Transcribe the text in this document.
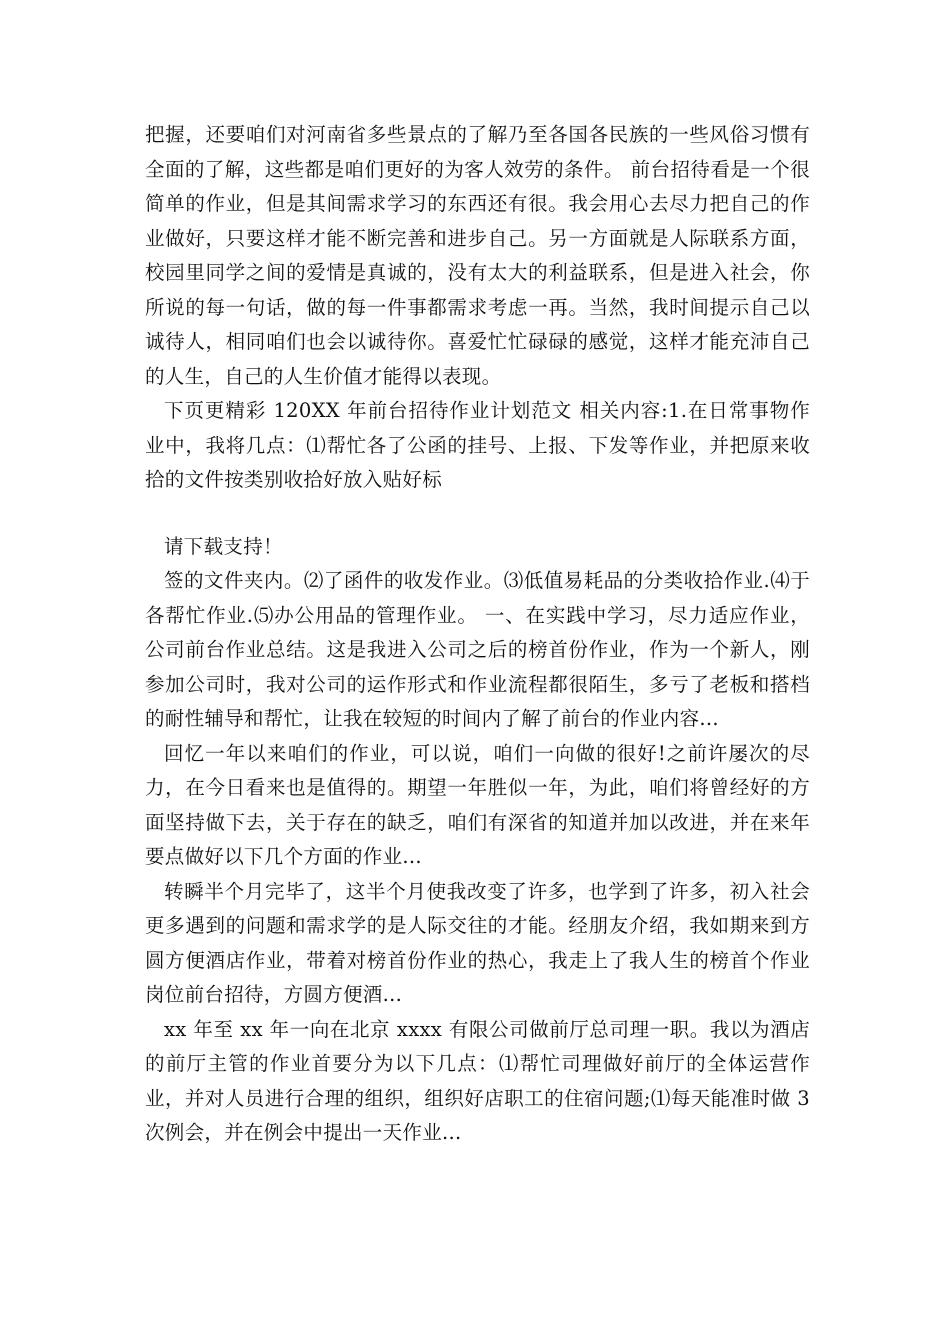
把握，还要咱们对河南省多些景点的了解乃至各国各民族的一些风俗习惯有全面的了解，这些都是咱们更好的为客人效劳的条件。 前台招待看是一个很简单的作业，但是其间需求学习的东西还有很。我会用心去尽力把自己的作业做好，只要这样才能不断完善和进步自己。另一方面就是人际联系方面，校园里同学之间的爱情是真诚的，没有太大的利益联系，但是进入社会，你所说的每一句话，做的每一件事都需求考虑一再。当然，我时间提示自己以诚待人，相同咱们也会以诚待你。喜爱忙忙碌碌的感觉，这样才能充沛自己的人生，自己的人生价值才能得以表现。

下页更精彩 120XX 年前台招待作业计划范文 相关内容:1.在日常事物作业中，我将几点：⑴帮忙各了公函的挂号、上报、下发等作业，并把原来收拾的文件按类别收拾好放入贴好标

请下载支持！

签的文件夹内。⑵了函件的收发作业。⑶低值易耗品的分类收拾作业.⑷于各帮忙作业.⑸办公用品的管理作业。 一、在实践中学习，尽力适应作业，公司前台作业总结。这是我进入公司之后的榜首份作业，作为一个新人，刚参加公司时，我对公司的运作形式和作业流程都很陌生，多亏了老板和搭档的耐性辅导和帮忙，让我在较短的时间内了解了前台的作业内容...

回忆一年以来咱们的作业，可以说，咱们一向做的很好!之前许屡次的尽力，在今日看来也是值得的。期望一年胜似一年，为此，咱们将曾经好的方面坚持做下去，关于存在的缺乏，咱们有深省的知道并加以改进，并在来年要点做好以下几个方面的作业...

转瞬半个月完毕了，这半个月使我改变了许多，也学到了许多，初入社会更多遇到的问题和需求学的是人际交往的才能。经朋友介绍，我如期来到方圆方便酒店作业，带着对榜首份作业的热心，我走上了我人生的榜首个作业岗位前台招待，方圆方便酒...

xx 年至 xx 年一向在北京 xxxx 有限公司做前厅总司理一职。我以为酒店的前厅主管的作业首要分为以下几点：⑴帮忙司理做好前厅的全体运营作业，并对人员进行合理的组织，组织好店职工的住宿问题;⑴每天能准时做 3 次例会，并在例会中提出一天作业...
